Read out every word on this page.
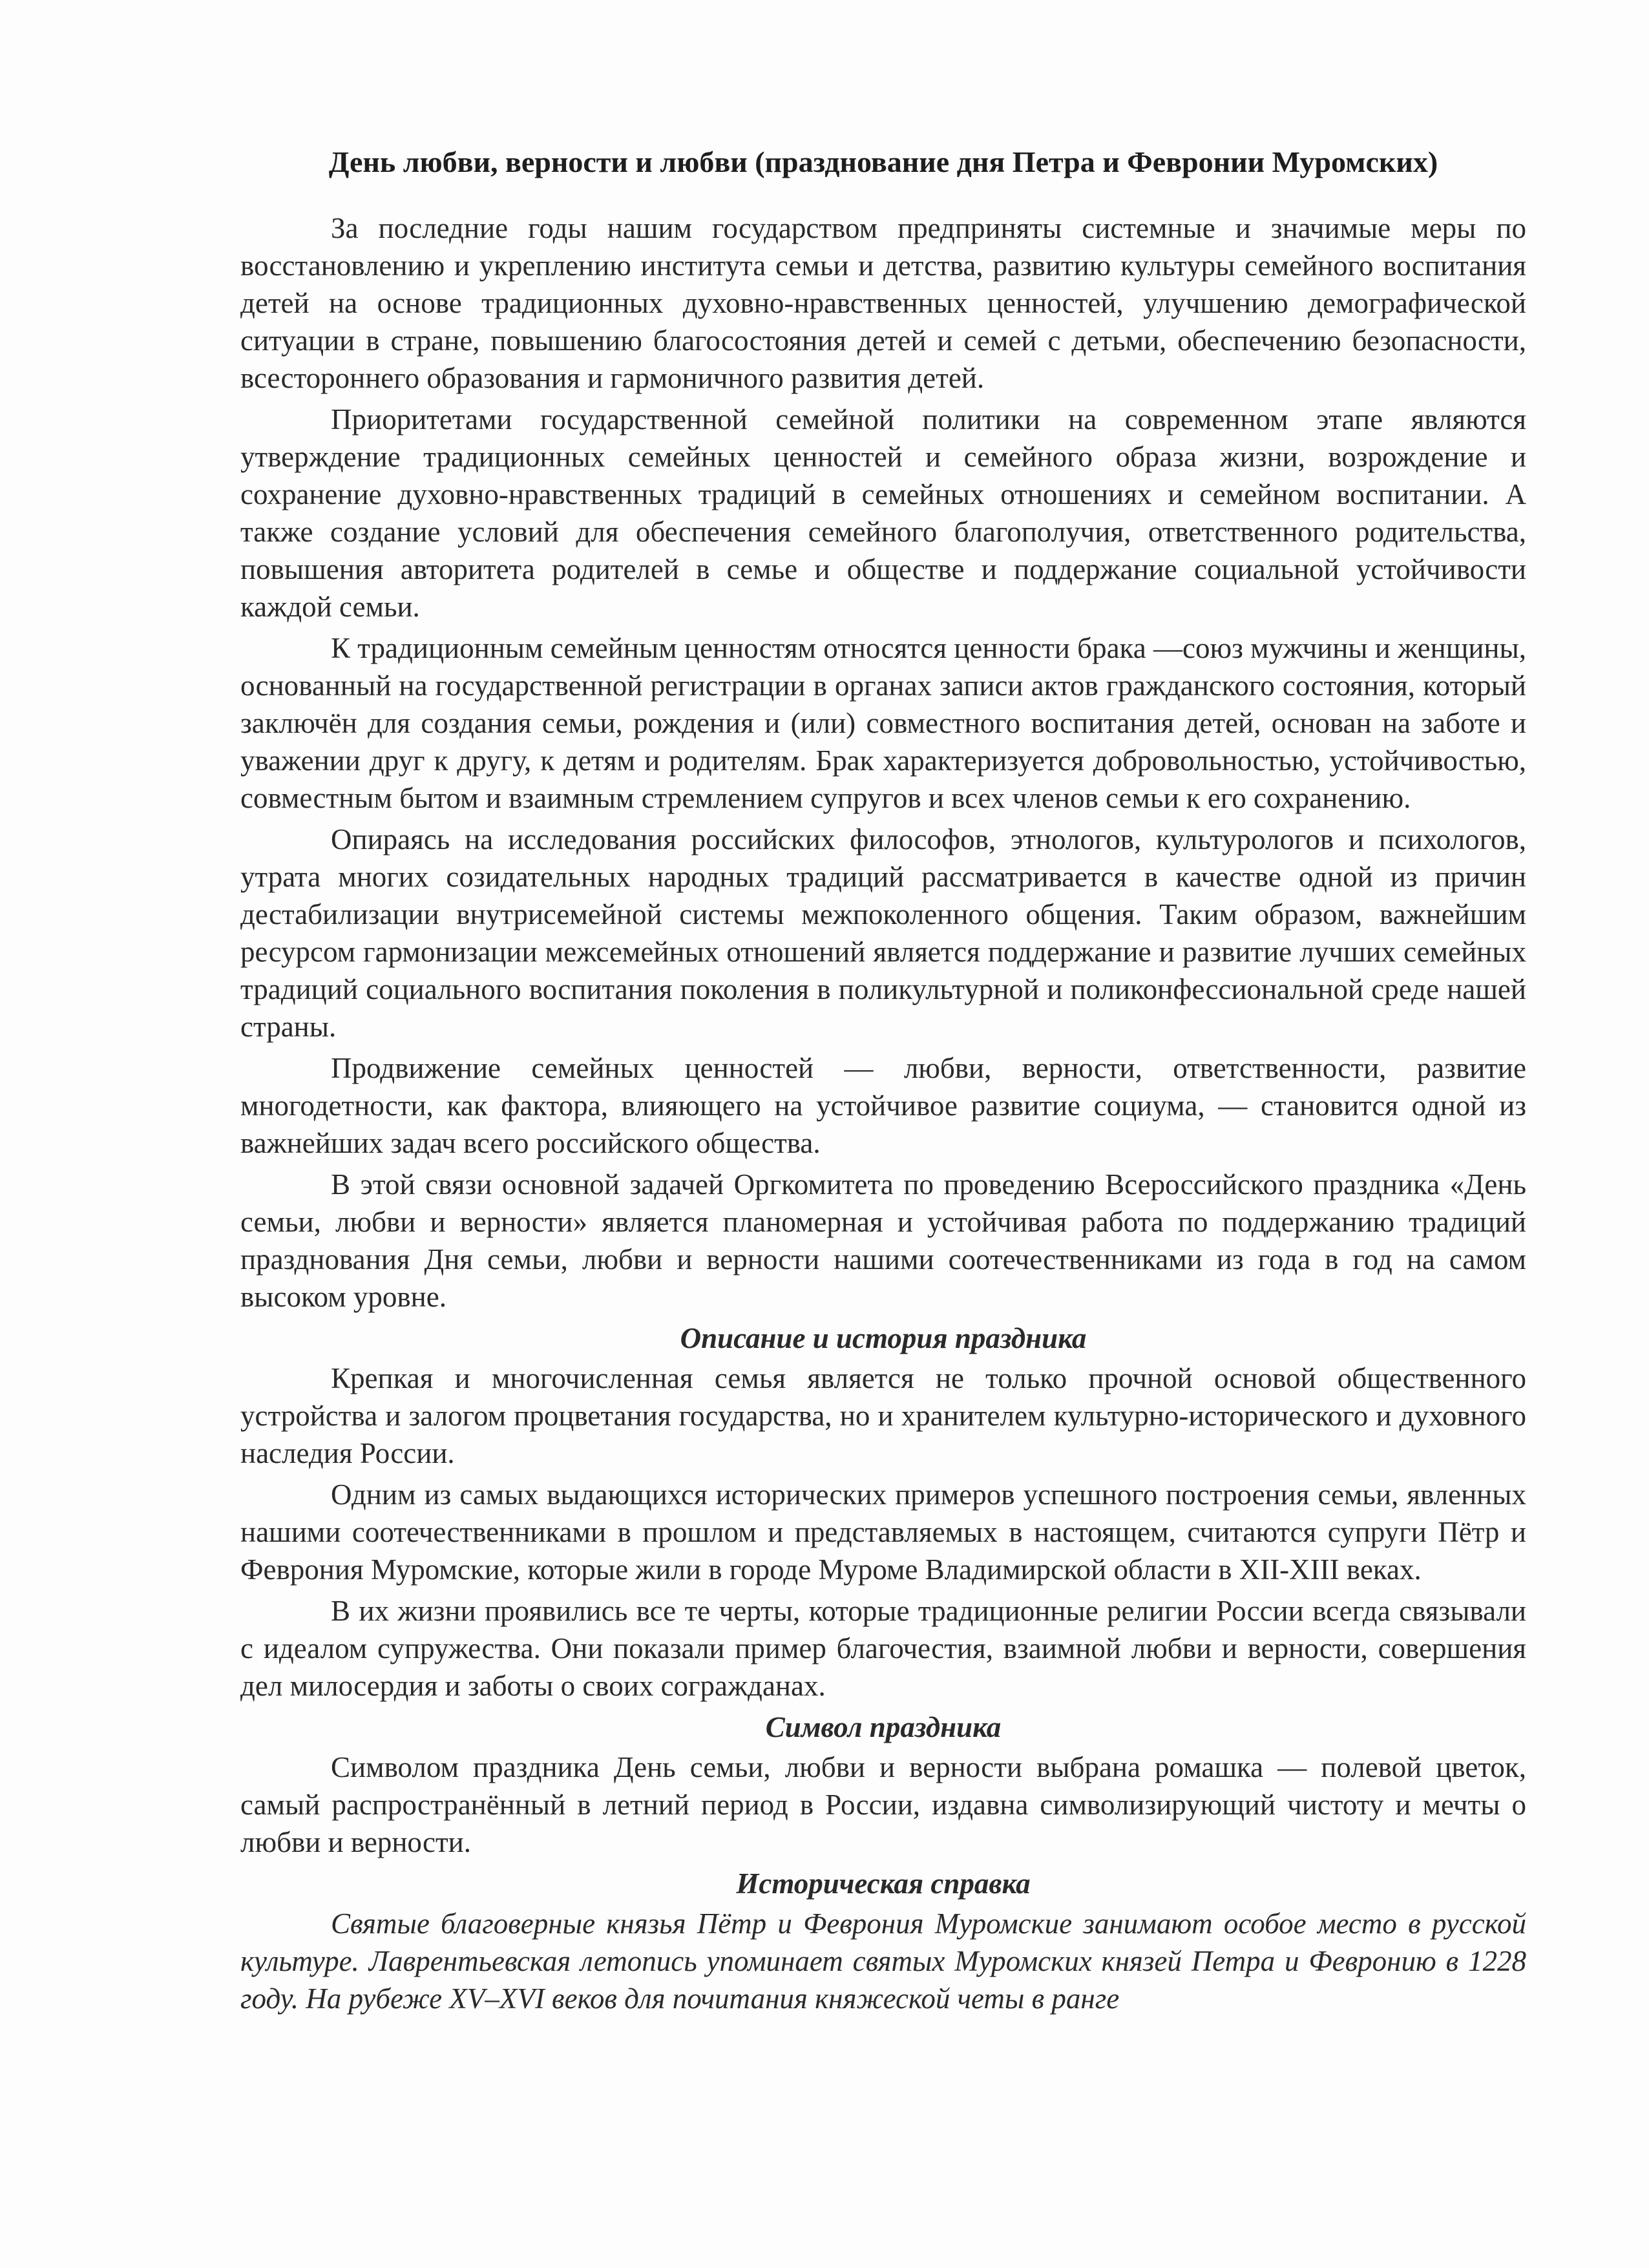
День любви, верности и любви (празднование дня Петра и Февронии Муромских)

За последние годы нашим государством предприняты системные и значимые меры по восстановлению и укреплению института семьи и детства, развитию культуры семейного воспитания детей на основе традиционных духовно-нравственных ценностей, улучшению демографической ситуации в стране, повышению благосостояния детей и семей с детьми, обеспечению безопасности, всестороннего образования и гармоничного развития детей.

Приоритетами государственной семейной политики на современном этапе являются утверждение традиционных семейных ценностей и семейного образа жизни, возрождение и сохранение духовно-нравственных традиций в семейных отношениях и семейном воспитании. А также создание условий для обеспечения семейного благополучия, ответственного родительства, повышения авторитета родителей в семье и обществе и поддержание социальной устойчивости каждой семьи.

К традиционным семейным ценностям относятся ценности брака —союз мужчины и женщины, основанный на государственной регистрации в органах записи актов гражданского состояния, который заключён для создания семьи, рождения и (или) совместного воспитания детей, основан на заботе и уважении друг к другу, к детям и родителям. Брак характеризуется добровольностью, устойчивостью, совместным бытом и взаимным стремлением супругов и всех членов семьи к его сохранению.

Опираясь на исследования российских философов, этнологов, культурологов и психологов, утрата многих созидательных народных традиций рассматривается в качестве одной из причин дестабилизации внутрисемейной системы межпоколенного общения. Таким образом, важнейшим ресурсом гармонизации межсемейных отношений является поддержание и развитие лучших семейных традиций социального воспитания поколения в поликультурной и поликонфессиональной среде нашей страны.

Продвижение семейных ценностей — любви, верности, ответственности, развитие многодетности, как фактора, влияющего на устойчивое развитие социума, — становится одной из важнейших задач всего российского общества.

В этой связи основной задачей Оргкомитета по проведению Всероссийского праздника «День семьи, любви и верности» является планомерная и устойчивая работа по поддержанию традиций празднования Дня семьи, любви и верности нашими соотечественниками из года в год на самом высоком уровне.

Описание и история праздника

Крепкая и многочисленная семья является не только прочной основой общественного устройства и залогом процветания государства, но и хранителем культурно-исторического и духовного наследия России.

Одним из самых выдающихся исторических примеров успешного построения семьи, явленных нашими соотечественниками в прошлом и представляемых в настоящем, считаются супруги Пётр и Феврония Муромские, которые жили в городе Муроме Владимирской области в XII-XIII веках.

В их жизни проявились все те черты, которые традиционные религии России всегда связывали с идеалом супружества. Они показали пример благочестия, взаимной любви и верности, совершения дел милосердия и заботы о своих согражданах.

Символ праздника

Символом праздника День семьи, любви и верности выбрана ромашка — полевой цветок, самый распространённый в летний период в России, издавна символизирующий чистоту и мечты о любви и верности.

Историческая справка

Святые благоверные князья Пётр и Феврония Муромские занимают особое место в русской культуре. Лаврентьевская летопись упоминает святых Муромских князей Петра и Февронию в 1228 году. На рубеже XV–XVI веков для почитания княжеской четы в ранге
